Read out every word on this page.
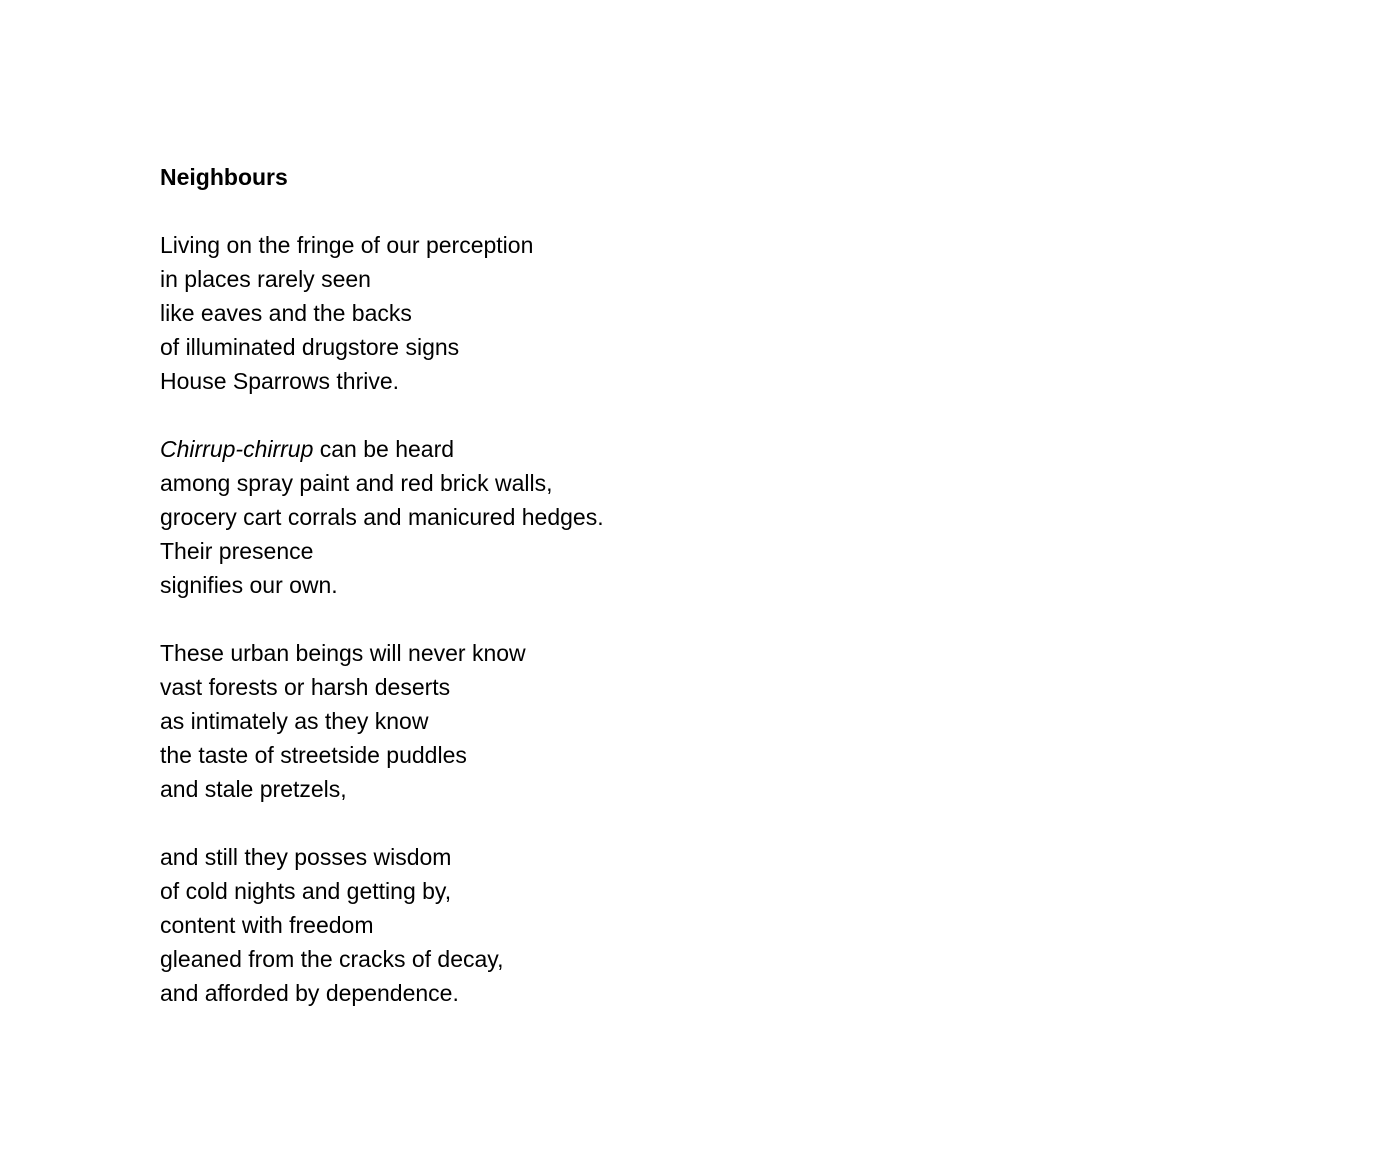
Neighbours
Living on the fringe of our perception
in places rarely seen
like eaves and the backs
of illuminated drugstore signs
House Sparrows thrive.
Chirrup-chirrup can be heard
among spray paint and red brick walls,
grocery cart corrals and manicured hedges.
Their presence
signifies our own.
These urban beings will never know
vast forests or harsh deserts
as intimately as they know
the taste of streetside puddles
and stale pretzels,
and still they posses wisdom
of cold nights and getting by,
content with freedom
gleaned from the cracks of decay,
and afforded by dependence.
